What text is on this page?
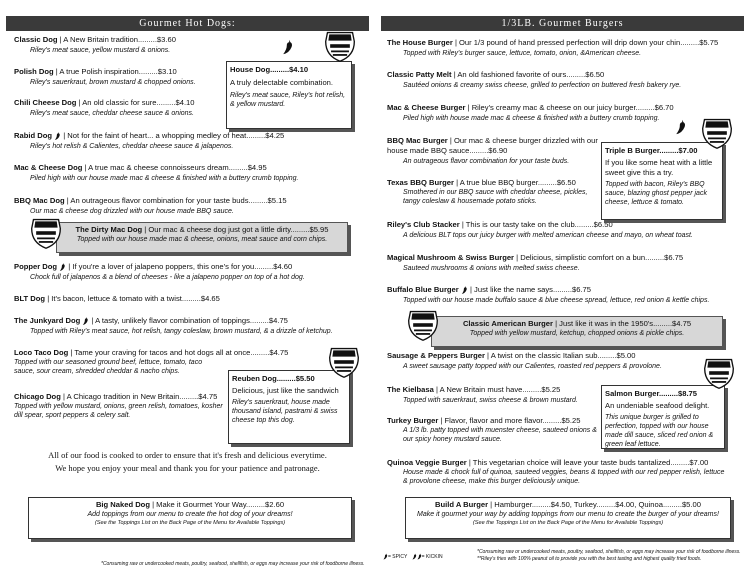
Gourmet Hot Dogs:
Classic Dog | A New Britain tradition.........$3.60
Riley's meat sauce, yellow mustard & onions.
Polish Dog | A true Polish inspiration.........$3.10
Riley's sauerkraut, brown mustard & chopped onions.
Chili Cheese Dog | An old classic for sure.........$4.10
Riley's meat sauce, cheddar cheese sauce & onions.
Rabid Dog  | Not for the faint of heart... a whopping medley of heat.........$4.25
Riley's hot relish & Calientes, cheddar cheese sauce & jalapenos.
Mac & Cheese Dog | A true mac & cheese connoisseurs dream.........$4.95
Piled high with our house made mac & cheese & finished with a buttery crumb topping.
BBQ Mac Dog | An outrageous flavor combination for your taste buds.........$5.15
Our mac & cheese dog drizzled with our house made BBQ sauce.
Popper Dog  | If you're a lover of jalapeno poppers, this one's for you.........$4.60
Chock full of jalapenos & a blend of cheeses - like a jalapeno popper on top of a hot dog.
BLT Dog | It's bacon, lettuce & tomato with a twist.........$4.65
The Junkyard Dog  | A tasty, unlikely flavor combination of toppings.........$4.75
Topped with Riley's meat sauce, hot relish, tangy coleslaw, brown mustard, & a drizzle of ketchup.
Loco Taco Dog | Tame your craving for tacos and hot dogs all at once.........$4.75

Topped with our seasoned ground beef, lettuce, tomato, taco sauce, sour cream, shredded cheddar & nacho chips.
Chicago Dog | A Chicago tradition in New Britain.........$4.75

Topped with yellow mustard, onions, green relish, tomatoes, kosher dill spear, sport peppers & celery salt.
House Dog.........$4.10
A truly delectable combination.
Riley's meat sauce, Riley's hot relish, & yellow mustard.
The Dirty Mac Dog | Our mac & cheese dog just got a little dirty.........$5.95
Topped with our house made mac & cheese, onions, meat sauce and corn chips.
Reuben Dog.........$5.50
Delicious, just like the sandwich
Riley's sauerkraut, house made thousand island, pastrami & swiss cheese top this dog.
All of our food is cooked to order to ensure that it's fresh and delicious everytime.
We hope you enjoy your meal and thank you for your patience and patronage.
Big Naked Dog | Make it Gourmet Your Way.........$2.60
Add toppings from our menu to create the hot dog of your dreams!
(See the Toppings List on the Back Page of the Menu for Available Toppings)
*Consuming raw or undercooked meats, poultry, seafood, shellfish, or eggs may increase your risk of foodborne illness.
1/3LB. Gourmet Burgers
The House Burger | Our 1/3 pound of hand pressed perfection will drip down your chin.........$5.75
Topped with Riley's burger sauce, lettuce, tomato, onion, &American cheese.
Classic Patty Melt | An old fashioned favorite of ours.........$6.50
Sautéed onions & creamy swiss cheese, grilled to perfection on buttered fresh bakery rye.
Mac & Cheese Burger | Riley's creamy mac & cheese on our juicy burger.........$6.70
Piled high with house made mac & cheese & finished with a buttery crumb topping.
BBQ Mac Burger | Our mac & cheese burger drizzled with our house made BBQ sauce.........$6.90
An outrageous flavor combination for your taste buds.
Texas BBQ Burger | A true blue BBQ burger.........$6.50

Smothered in our BBQ sauce with cheddar cheese, pickles, tangy coleslaw & housemade potato sticks.
Riley's Club Stacker | This is our tasty take on the club.........$6.50
A delicious BLT tops our juicy burger with melted american cheese and mayo, on wheat toast.
Magical Mushroom & Swiss Burger | Delicious, simplistic comfort on a bun.........$6.75
Sauteed mushrooms & onions with melted swiss cheese.
Buffalo Blue Burger  | Just like the name says.........$6.75
Topped with our house made buffalo sauce & blue cheese spread, lettuce, red onion & kettle chips.
Sausage & Peppers Burger | A twist on the classic Italian sub.........$5.00
A sweet sausage patty topped with our Calientes, roasted red peppers & provolone.
The Kielbasa | A New Britain must have.........$5.25
Topped with sauerkraut, swiss cheese & brown mustard.
Turkey Burger | Flavor, flavor and more flavor.........$5.25

A 1/3 lb. patty topped with muenster cheese, sauteed onions & our spicy honey mustard sauce.
Quinoa Veggie Burger | This vegetarian choice will leave your taste buds tantalized.........$7.00

House made & chock full of quinoa, sauteed veggies, beans & topped with our red pepper relish, lettuce & provolone cheese, make this burger deliciously unique.
Triple B Burger.........$7.00
If you like some heat with a little sweet give this a try.
Topped with bacon, Riley's BBQ sauce, blazing ghost pepper jack cheese, lettuce & tomato.
Classic American Burger | Just like it was in the 1950's.........$4.75
Topped with yellow mustard, ketchup, chopped onions & pickle chips.
Salmon Burger.........$8.75
An undeniable seafood delight.
This unique burger is grilled to perfection, topped with our house made dill sauce, sliced red onion & green leaf lettuce.
Build A Burger | Hamburger.........$4.50, Turkey.........$4.00, Quinoa.........$5.00
Make it gourmet your way by adding toppings from our menu to create the burger of your dreams!
(See the Toppings List on the Back Page of the Menu for Available Toppings)
= SPICY	= KICKIN
*Consuming raw or undercooked meats, poultry, seafood, shellfish, or eggs may increase your risk of foodborne illness.
**Riley's fries with 100% peanut oil to provide you with the best tasting and highest quality fried foods.
